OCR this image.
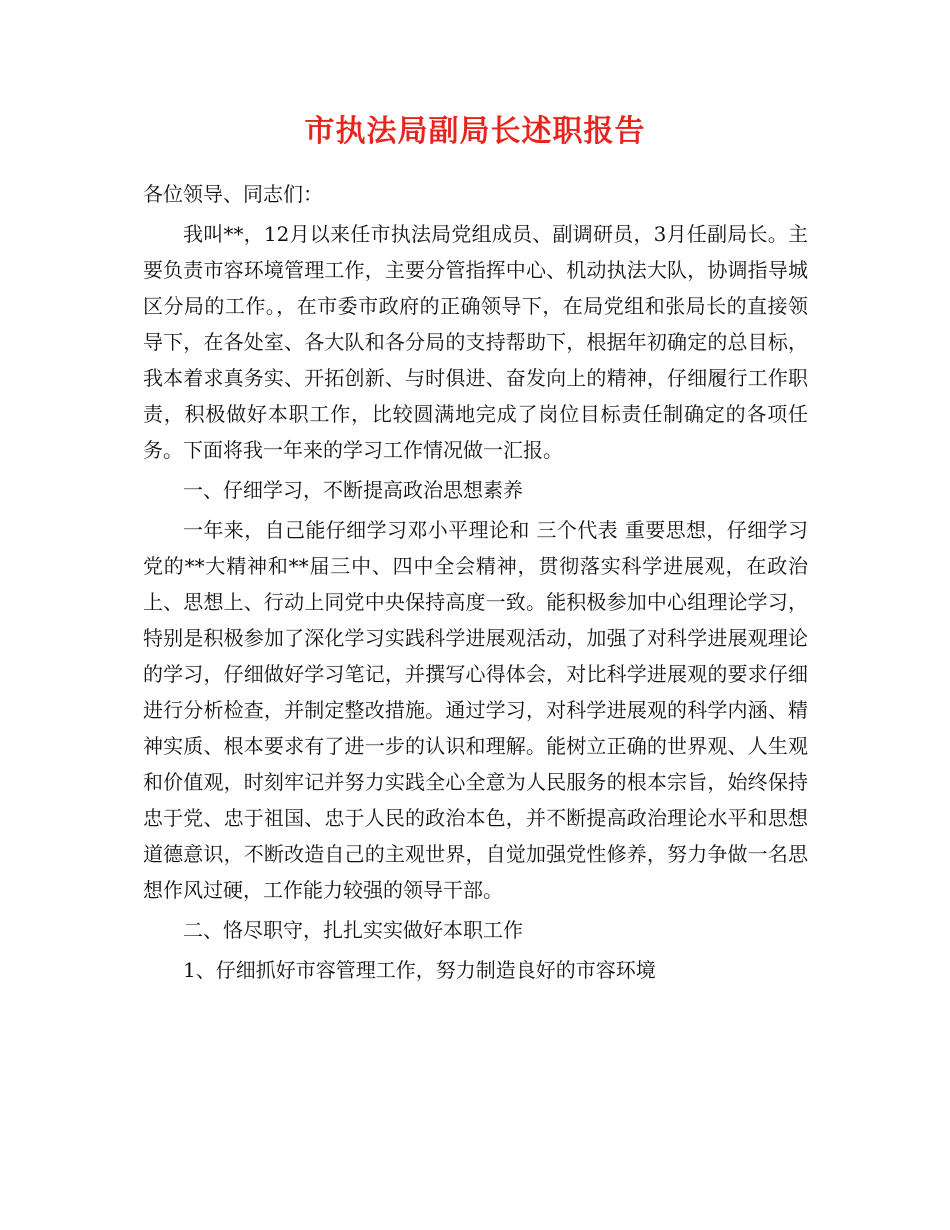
市执法局副局长述职报告

各位领导、同志们：

我叫**，12月以来任市执法局党组成员、副调研员，3月任副局长。主要负责市容环境管理工作，主要分管指挥中心、机动执法大队，协调指导城区分局的工作。，在市委市政府的正确领导下，在局党组和张局长的直接领导下，在各处室、各大队和各分局的支持帮助下，根据年初确定的总目标，我本着求真务实、开拓创新、与时俱进、奋发向上的精神，仔细履行工作职责，积极做好本职工作，比较圆满地完成了岗位目标责任制确定的各项任务。下面将我一年来的学习工作情况做一汇报。

一、仔细学习，不断提高政治思想素养

一年来，自己能仔细学习邓小平理论和 三个代表 重要思想，仔细学习党的**大精神和**届三中、四中全会精神，贯彻落实科学进展观，在政治上、思想上、行动上同党中央保持高度一致。能积极参加中心组理论学习，特别是积极参加了深化学习实践科学进展观活动，加强了对科学进展观理论的学习，仔细做好学习笔记，并撰写心得体会，对比科学进展观的要求仔细进行分析检查，并制定整改措施。通过学习，对科学进展观的科学内涵、精神实质、根本要求有了进一步的认识和理解。能树立正确的世界观、人生观和价值观，时刻牢记并努力实践全心全意为人民服务的根本宗旨，始终保持忠于党、忠于祖国、忠于人民的政治本色，并不断提高政治理论水平和思想道德意识，不断改造自己的主观世界，自觉加强党性修养，努力争做一名思想作风过硬，工作能力较强的领导干部。

二、恪尽职守，扎扎实实做好本职工作

1、仔细抓好市容管理工作，努力制造良好的市容环境
